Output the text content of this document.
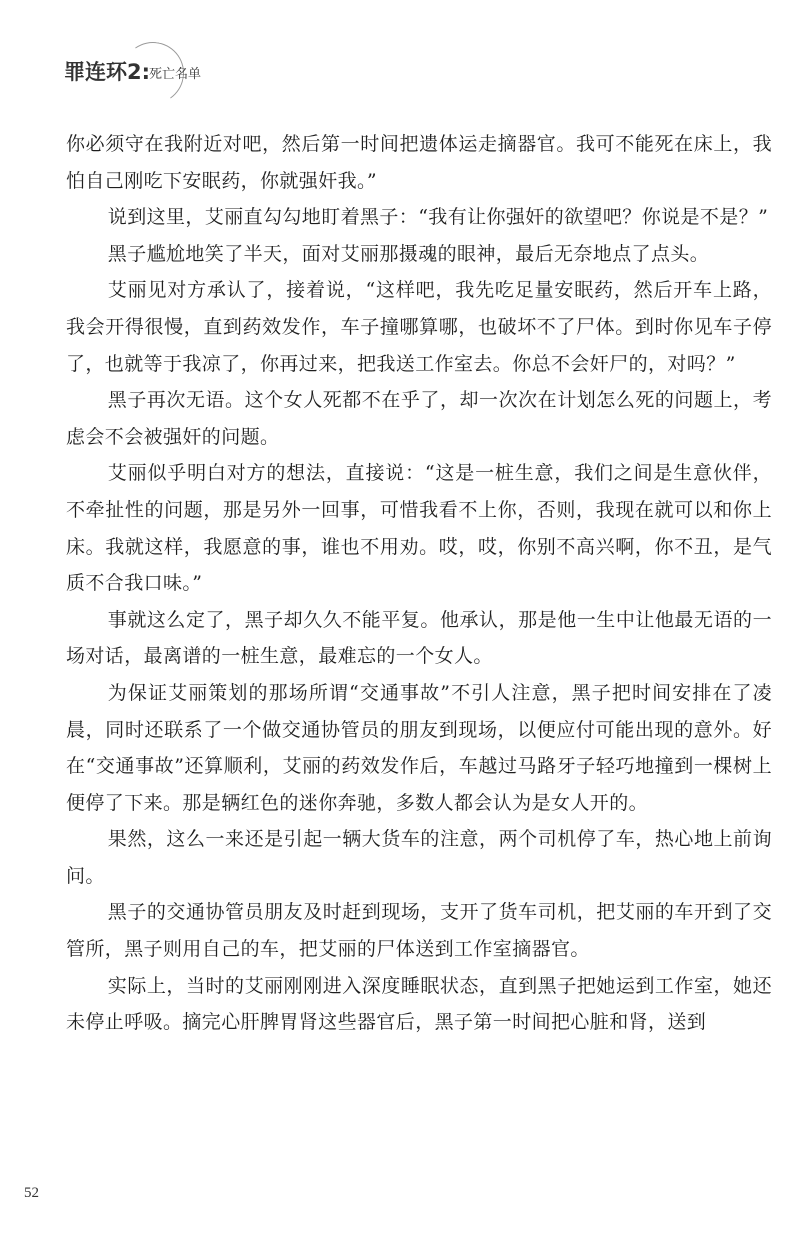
罪连环2:
死亡名单

你必须守在我附近对吧，然后第一时间把遗体运走摘器官。我可不能死在床上，我怕自己刚吃下安眠药，你就强奸我。”

说到这里，艾丽直勾勾地盯着黑子：“我有让你强奸的欲望吧？你说是不是？”

黑子尴尬地笑了半天，面对艾丽那摄魂的眼神，最后无奈地点了点头。

艾丽见对方承认了，接着说，“这样吧，我先吃足量安眠药，然后开车上路，我会开得很慢，直到药效发作，车子撞哪算哪，也破坏不了尸体。到时你见车子停了，也就等于我凉了，你再过来，把我送工作室去。你总不会奸尸的，对吗？”

黑子再次无语。这个女人死都不在乎了，却一次次在计划怎么死的问题上，考虑会不会被强奸的问题。

艾丽似乎明白对方的想法，直接说：“这是一桩生意，我们之间是生意伙伴，不牵扯性的问题，那是另外一回事，可惜我看不上你，否则，我现在就可以和你上床。我就这样，我愿意的事，谁也不用劝。哎，哎，你别不高兴啊，你不丑，是气质不合我口味。”

事就这么定了，黑子却久久不能平复。他承认，那是他一生中让他最无语的一场对话，最离谱的一桩生意，最难忘的一个女人。

为保证艾丽策划的那场所谓“交通事故”不引人注意，黑子把时间安排在了凌晨，同时还联系了一个做交通协管员的朋友到现场，以便应付可能出现的意外。好在“交通事故”还算顺利，艾丽的药效发作后，车越过马路牙子轻巧地撞到一棵树上便停了下来。那是辆红色的迷你奔驰，多数人都会认为是女人开的。

果然，这么一来还是引起一辆大货车的注意，两个司机停了车，热心地上前询问。

黑子的交通协管员朋友及时赶到现场，支开了货车司机，把艾丽的车开到了交管所，黑子则用自己的车，把艾丽的尸体送到工作室摘器官。

实际上，当时的艾丽刚刚进入深度睡眠状态，直到黑子把她运到工作室，她还未停止呼吸。摘完心肝脾胃肾这些器官后，黑子第一时间把心脏和肾，送到

52
